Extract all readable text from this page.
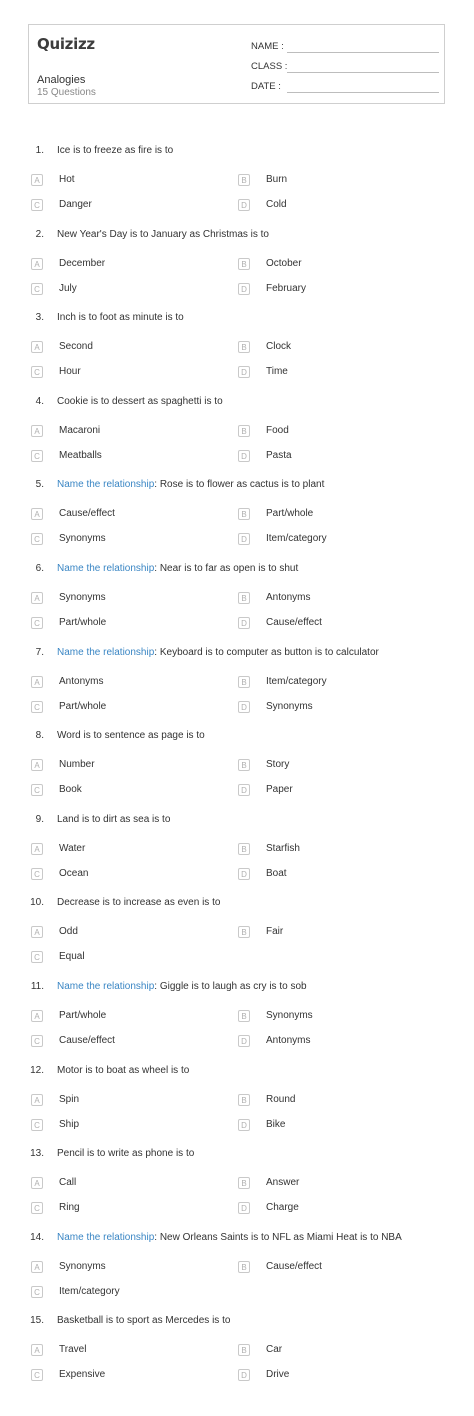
Quizizz
Analogies
15 Questions
NAME :
CLASS :
DATE :
1. Ice is to freeze as fire is to
A	Hot	B	Burn
C	Danger	D	Cold
2. New Year's Day is to January as Christmas is to
A	December	B	October
C	July	D	February
3. Inch is to foot as minute is to
A	Second	B	Clock
C	Hour	D	Time
4. Cookie is to dessert as spaghetti is to
A	Macaroni	B	Food
C	Meatballs	D	Pasta
5. Name the relationship: Rose is to flower as cactus is to plant
A	Cause/effect	B	Part/whole
C	Synonyms	D	Item/category
6. Name the relationship: Near is to far as open is to shut
A	Synonyms	B	Antonyms
C	Part/whole	D	Cause/effect
7. Name the relationship: Keyboard is to computer as button is to calculator
A	Antonyms	B	Item/category
C	Part/whole	D	Synonyms
8. Word is to sentence as page is to
A	Number	B	Story
C	Book	D	Paper
9. Land is to dirt as sea is to
A	Water	B	Starfish
C	Ocean	D	Boat
10. Decrease is to increase as even is to
A	Odd	B	Fair
C	Equal
11. Name the relationship: Giggle is to laugh as cry is to sob
A	Part/whole	B	Synonyms
C	Cause/effect	D	Antonyms
12. Motor is to boat as wheel is to
A	Spin	B	Round
C	Ship	D	Bike
13. Pencil is to write as phone is to
A	Call	B	Answer
C	Ring	D	Charge
14. Name the relationship: New Orleans Saints is to NFL as Miami Heat is to NBA
A	Synonyms	B	Cause/effect
C	Item/category
15. Basketball is to sport as Mercedes is to
A	Travel	B	Car
C	Expensive	D	Drive
